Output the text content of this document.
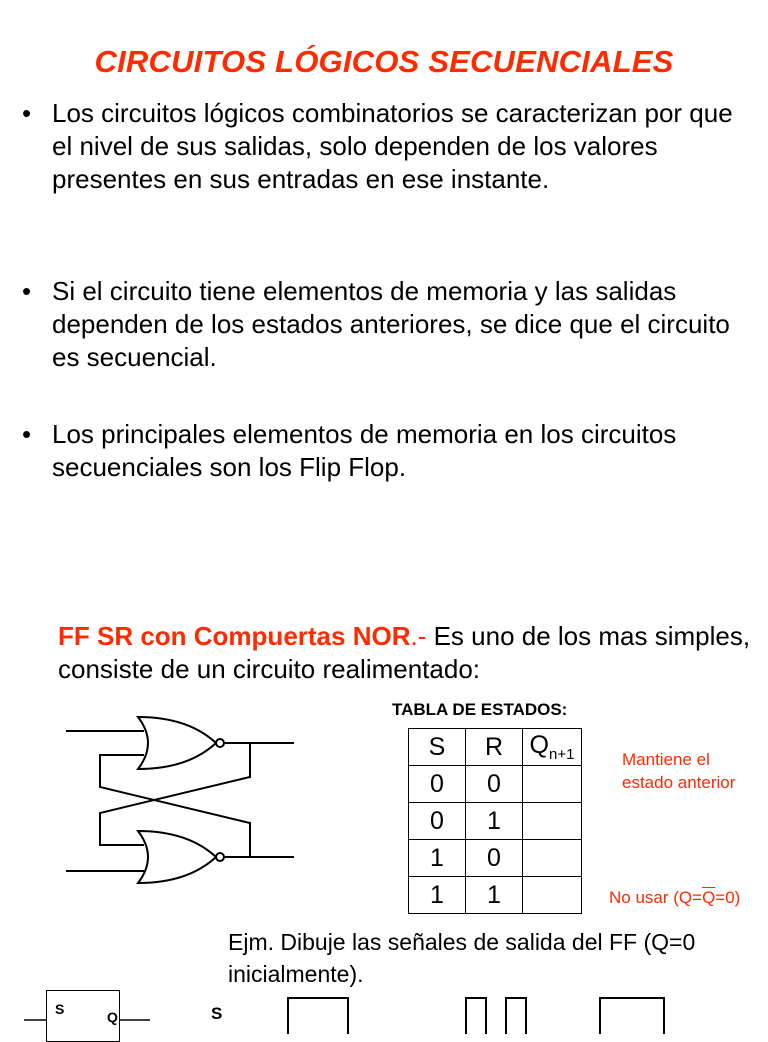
CIRCUITOS LÓGICOS SECUENCIALES
• Los circuitos lógicos combinatorios se caracterizan por que el nivel de sus salidas, solo dependen de los valores presentes en sus entradas en ese instante.
• Si el circuito tiene elementos de memoria y las salidas dependen de los estados anteriores, se dice que el circuito es secuencial.
• Los principales elementos de memoria en los circuitos secuenciales son los Flip Flop.
FF SR con Compuertas NOR.- Es uno de los mas simples, consiste de un circuito realimentado:
TABLA DE ESTADOS:
S	R	$Q_{n+1}$
0	0	
0	1	
1	0	
1	1	
Mantiene el estado anterior
No usar $(Q=\overline{Q}=0)$
Ejm. Dibuje las señales de salida del FF (Q=0 inicialmente).
S	Q	S
